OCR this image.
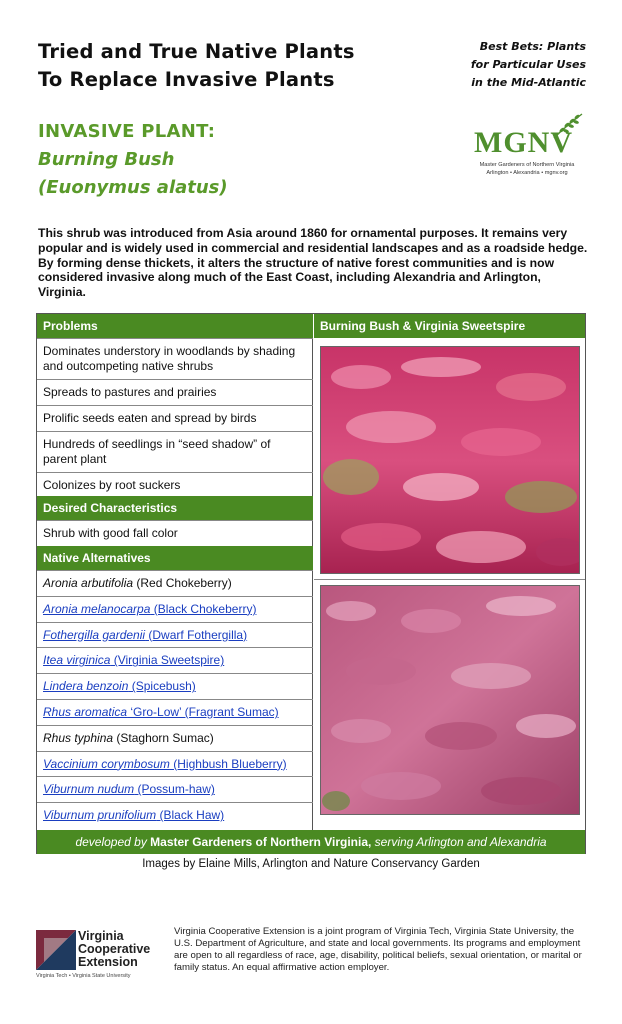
Tried and True Native Plants
To Replace Invasive Plants
Best Bets: Plants
for Particular Uses
in the Mid-Atlantic
INVASIVE PLANT:
Burning Bush
(Euonymus alatus)
MGNV
Master Gardeners of Northern Virginia
Arlington • Alexandria • mgnv.org

This shrub was introduced from Asia around 1860 for ornamental purposes. It remains very popular and is widely used in commercial and residential landscapes and as a roadside hedge. By forming dense thickets, it alters the structure of native forest communities and is now considered invasive along much of the East Coast, including Alexandria and Arlington, Virginia.

Problems
Dominates understory in woodlands by shading and outcompeting native shrubs
Spreads to pastures and prairies
Prolific seeds eaten and spread by birds
Hundreds of seedlings in “seed shadow” of parent plant
Colonizes by root suckers
Desired Characteristics
Shrub with good fall color
Native Alternatives
Aronia arbutifolia (Red Chokeberry)
Aronia melanocarpa (Black Chokeberry)
Fothergilla gardenii (Dwarf Fothergilla)
Itea virginica (Virginia Sweetspire)
Lindera benzoin (Spicebush)
Rhus aromatica ‘Gro-Low’ (Fragrant Sumac)
Rhus typhina (Staghorn Sumac)
Vaccinium corymbosum (Highbush Blueberry)
Viburnum nudum (Possum-haw)
Viburnum prunifolium (Black Haw)
Burning Bush & Virginia Sweetspire
developed by Master Gardeners of Northern Virginia, serving Arlington and Alexandria
Images by Elaine Mills, Arlington and Nature Conservancy Garden
Virginia
Cooperative
Extension
Virginia Tech • Virginia State University

Virginia Cooperative Extension is a joint program of Virginia Tech, Virginia State University, the U.S. Department of Agriculture, and state and local governments. Its programs and employment are open to all regardless of race, age, disability, political beliefs, sexual orientation, or marital or family status. An equal affirmative action employer.
